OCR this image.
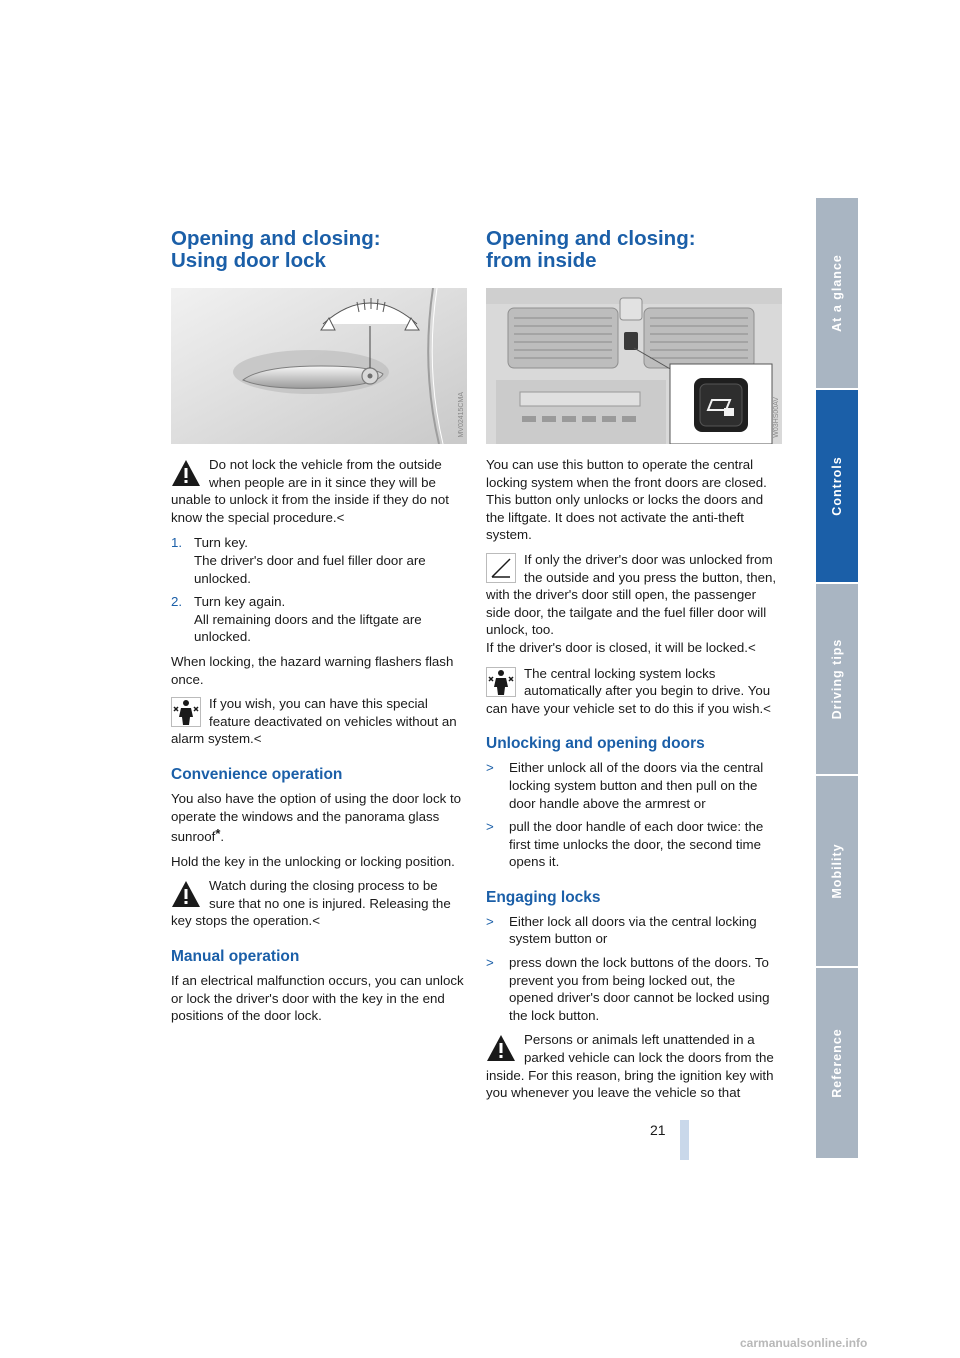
Opening and closing:
Using door lock
MV02415CMA

Do not lock the vehicle from the outside when people are in it since they will be unable to unlock it from the inside if they do not know the special procedure.<

1. Turn key.
The driver's door and fuel filler door are unlocked.
2. Turn key again.
All remaining doors and the liftgate are unlocked.

When locking, the hazard warning flashers flash once.

If you wish, you can have this special feature deactivated on vehicles without an alarm system.<

Convenience operation

You also have the option of using the door lock to operate the windows and the panorama glass sunroof*.

Hold the key in the unlocking or locking position.

Watch during the closing process to be sure that no one is injured. Releasing the key stops the operation.<

Manual operation

If an electrical malfunction occurs, you can unlock or lock the driver's door with the key in the end positions of the door lock.

Opening and closing:
from inside
W03HS00AV

You can use this button to operate the central locking system when the front doors are closed. This button only unlocks or locks the doors and the liftgate. It does not activate the anti-theft system.

If only the driver's door was unlocked from the outside and you press the button, then, with the driver's door still open, the passenger side door, the tailgate and the fuel filler door will unlock, too.
If the driver's door is closed, it will be locked.<

The central locking system locks automatically after you begin to drive. You can have your vehicle set to do this if you wish.<

Unlocking and opening doors
> Either unlock all of the doors via the central locking system button and then pull on the door handle above the armrest or
> pull the door handle of each door twice: the first time unlocks the door, the second time opens it.
Engaging locks
> Either lock all doors via the central locking system button or
> press down the lock buttons of the doors. To prevent you from being locked out, the opened driver's door cannot be locked using the lock button.

Persons or animals left unattended in a parked vehicle can lock the doors from the inside. For this reason, bring the ignition key with you whenever you leave the vehicle so that

At a glance
Controls
Driving tips
Mobility
Reference
21
carmanualsonline.info
